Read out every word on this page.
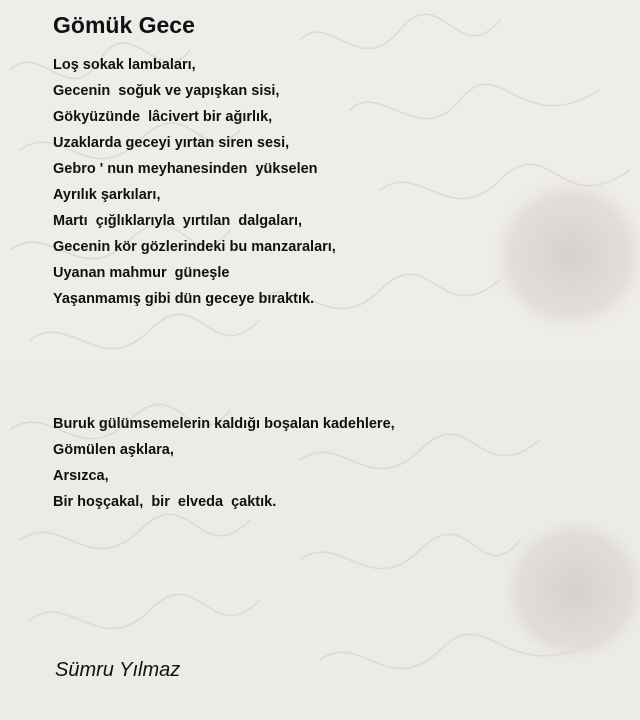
Gömük Gece
Loş sokak lambaları,
Gecenin  soğuk ve yapışkan sisi,
Gökyüzünde  lâcivert bir ağırlık,
Uzaklarda geceyi yırtan siren sesi,
Gebro ' nun meyhanesinden  yükselen
Ayrılık şarkıları,
Martı  çığlıklarıyla  yırtılan  dalgaları,
Gecenin kör gözlerindeki bu manzaraları,
Uyanan mahmur  güneşle
Yaşanmamış gibi dün geceye bıraktık.
Buruk gülümsemelerin kaldığı boşalan kadehlere,
Gömülen aşklara,
Arsızca,
Bir hoşçakal,  bir  elveda  çaktık.
Sümru Yılmaz
